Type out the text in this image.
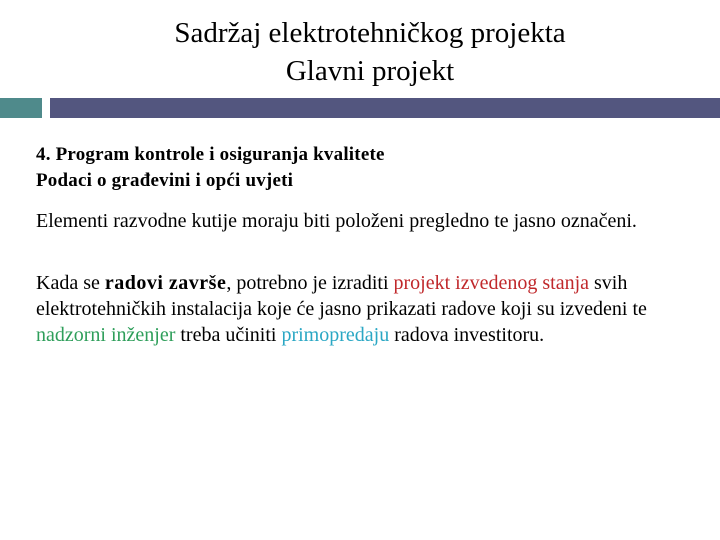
Sadržaj elektrotehničkog projekta
Glavni projekt
4. Program kontrole i osiguranja kvalitete
Podaci o građevini i opći uvjeti
Elementi razvodne kutije moraju biti položeni pregledno te jasno označeni.
Kada se radovi završe, potrebno je izraditi projekt izvedenog stanja svih elektrotehničkih instalacija koje će jasno prikazati radove koji su izvedeni te nadzorni inženjer treba učiniti primopredaju radova investitoru.
